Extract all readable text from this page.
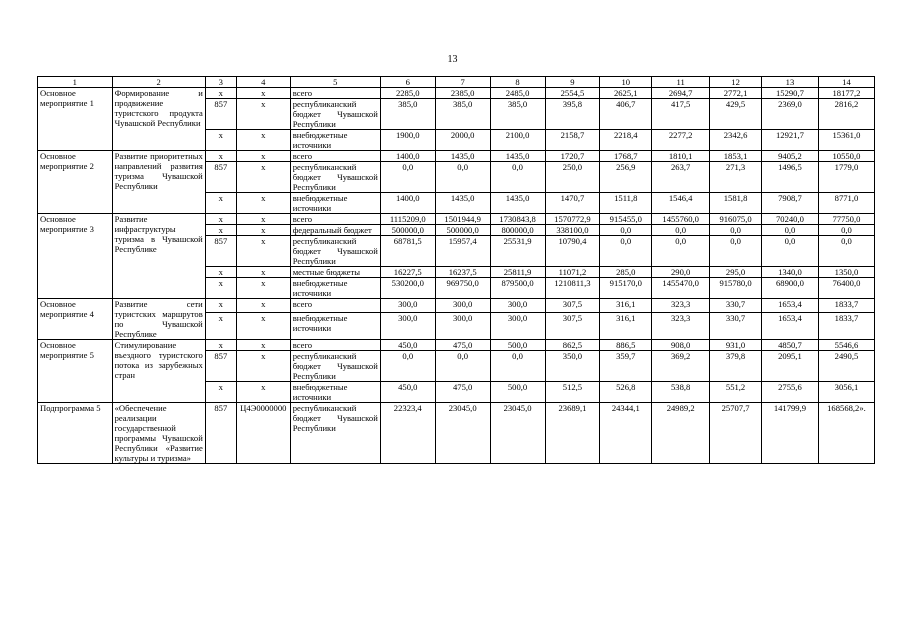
13
1	2	3	4	5	6	7	8	9	10	11	12	13	14
Основное мероприятие 1	Формирование и продвижение туристского продукта Чувашской Республики	х	х	всего	2285,0	2385,0	2485,0	2554,5	2625,1	2694,7	2772,1	15290,7	18177,2
		857	х	республиканский бюджет Чувашской Республики	385,0	385,0	385,0	395,8	406,7	417,5	429,5	2369,0	2816,2
		х	х	внебюджетные источники	1900,0	2000,0	2100,0	2158,7	2218,4	2277,2	2342,6	12921,7	15361,0
Основное мероприятие 2	Развитие приоритетных направлений развития туризма Чувашской Республики	х	х	всего	1400,0	1435,0	1435,0	1720,7	1768,7	1810,1	1853,1	9405,2	10550,0
		857	х	республиканский бюджет Чувашской Республики	0,0	0,0	0,0	250,0	256,9	263,7	271,3	1496,5	1779,0
		х	х	внебюджетные источники	1400,0	1435,0	1435,0	1470,7	1511,8	1546,4	1581,8	7908,7	8771,0
Основное мероприятие 3	Развитие инфраструктуры туризма в Чувашской Республике	х	х	всего	1115209,0	1501944,9	1730843,8	1570772,9	915455,0	1455760,0	916075,0	70240,0	77750,0
		х	х	федеральный бюджет	500000,0	500000,0	800000,0	338100,0	0,0	0,0	0,0	0,0	0,0
		857	х	республиканский бюджет Чувашской Республики	68781,5	15957,4	25531,9	10790,4	0,0	0,0	0,0	0,0	0,0
		х	х	местные бюджеты	16227,5	16237,5	25811,9	11071,2	285,0	290,0	295,0	1340,0	1350,0
		х	х	внебюджетные источники	530200,0	969750,0	879500,0	1210811,3	915170,0	1455470,0	915780,0	68900,0	76400,0
Основное мероприятие 4	Развитие сети туристских маршрутов по Чувашской Республике	х	х	всего	300,0	300,0	300,0	307,5	316,1	323,3	330,7	1653,4	1833,7
		х	х	внебюджетные источники	300,0	300,0	300,0	307,5	316,1	323,3	330,7	1653,4	1833,7
Основное мероприятие 5	Стимулирование въездного туристского потока из зарубежных стран	х	х	всего	450,0	475,0	500,0	862,5	886,5	908,0	931,0	4850,7	5546,6
		857	х	республиканский бюджет Чувашской Республики	0,0	0,0	0,0	350,0	359,7	369,2	379,8	2095,1	2490,5
		х	х	внебюджетные источники	450,0	475,0	500,0	512,5	526,8	538,8	551,2	2755,6	3056,1
Подпрограмма 5	«Обеспечение реализации государственной программы Чувашской Республики «Развитие культуры и туризма»	857	Ц4Э0000000	республиканский бюджет Чувашской Республики	22323,4	23045,0	23045,0	23689,1	24344,1	24989,2	25707,7	141799,9	168568,2».
